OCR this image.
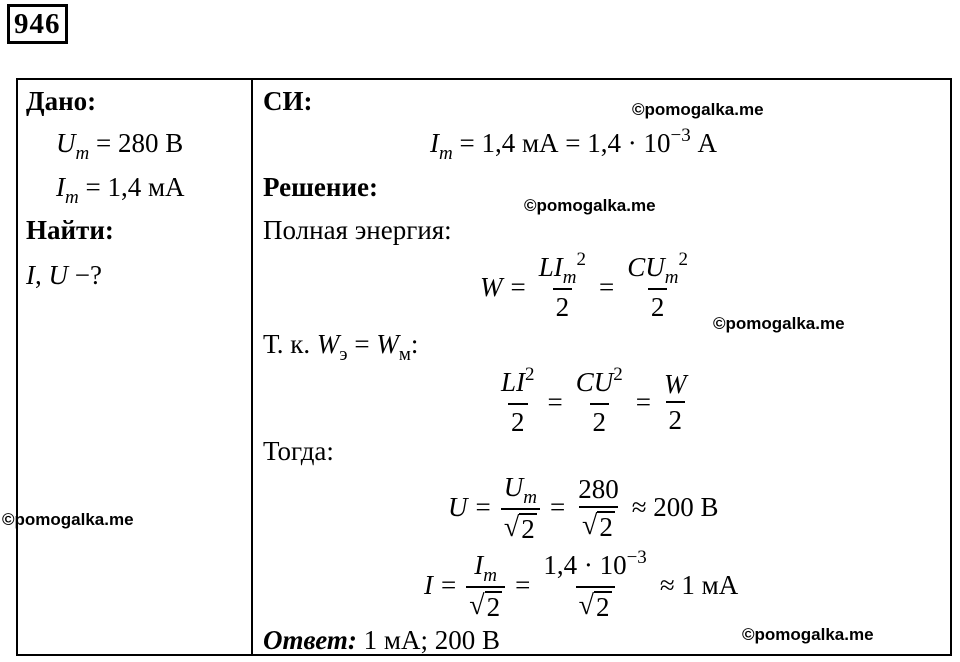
946
Дано:
$U_m = 280$ В
$I_m = 1,4$ мА
Найти:
I, U −?
СИ:
$I_m = 1,4$ мА = $1,4 \cdot 10^{-3}$ А
Решение:
Полная энергия:
$W = \frac{LI_m^2}{2} = \frac{CU_m^2}{2}$
Т. к. $W_э = W_м$:
$\frac{LI^2}{2} = \frac{CU^2}{2} = \frac{W}{2}$
Тогда:
$U = \frac{U_m}{√ 2} = \frac{280}{√ 2} \approx 200$ В
$I = \frac{I_m}{√ 2} = \frac{1,4 \cdot 10^{-3}}{√ 2} \approx 1$ мА
Ответ: 1 мА; 200 В
©pomogalka.me
©pomogalka.me
©pomogalka.me
©pomogalka.me
©pomogalka.me
